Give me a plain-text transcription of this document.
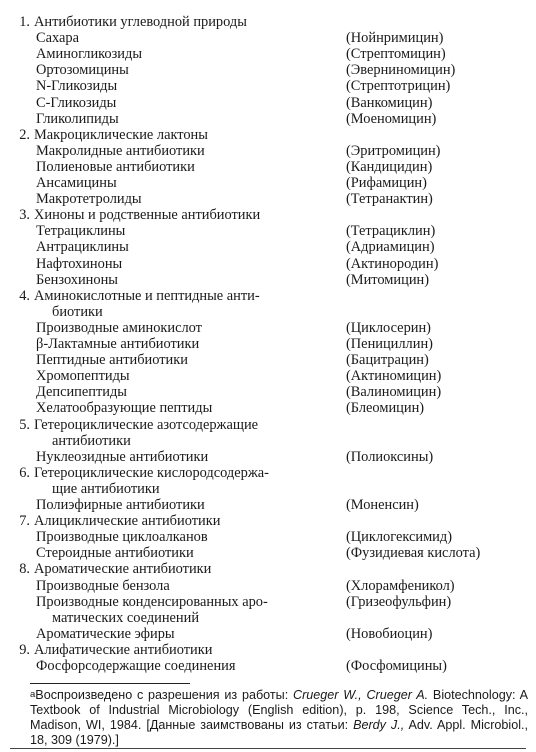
1. Антибиотики углеводной природы
Сахара	(Нойнримицин)
Аминогликозиды	(Стрептомицин)
Ортозомицины	(Эверниномицин)
N-Гликозиды	(Стрептотрицин)
С-Гликозиды	(Ванкомицин)
Гликолипиды	(Моеномицин)
2. Макроциклические лактоны
Макролидные антибиотики	(Эритромицин)
Полиеновые антибиотики	(Кандицидин)
Ансамицины	(Рифамицин)
Макротетролиды	(Тетранактин)
3. Хиноны и родственные антибиотики
Тетрациклины	(Тетрациклин)
Антрациклины	(Адриамицин)
Нафтохиноны	(Актинородин)
Бензохиноны	(Митомицин)
4. Аминокислотные и пептидные анти-
биотики
Производные аминокислот	(Циклосерин)
β-Лактамные антибиотики	(Пенициллин)
Пептидные антибиотики	(Бацитрацин)
Хромопептиды	(Актиномицин)
Депсипептиды	(Валиномицин)
Хелатообразующие пептиды	(Блеомицин)
5. Гетероциклические азотсодержащие
антибиотики
Нуклеозидные антибиотики	(Полиоксины)
6. Гетероциклические кислородсодержа-
щие антибиотики
Полиэфирные антибиотики	(Моненсин)
7. Алициклические антибиотики
Производные циклоалканов	(Циклогексимид)
Стероидные антибиотики	(Фузидиевая кислота)
8. Ароматические антибиотики
Производные бензола	(Хлорамфеникол)
Производные конденсированных аро-	(Гризеофульфин)
матических соединений
Ароматические эфиры	(Новобиоцин)
9. Алифатические антибиотики
Фосфорсодержащие соединения	(Фосфомицины)
$^a$Воспроизведено с разрешения из работы: Crueger W., Crueger A. Biotechnology: A Textbook of Industrial Microbiology (English edition), p. 198, Science Tech., Inc., Madison, WI, 1984. [Данные заимствованы из статьи: Berdy J., Adv. Appl. Microbiol., 18, 309 (1979).]
